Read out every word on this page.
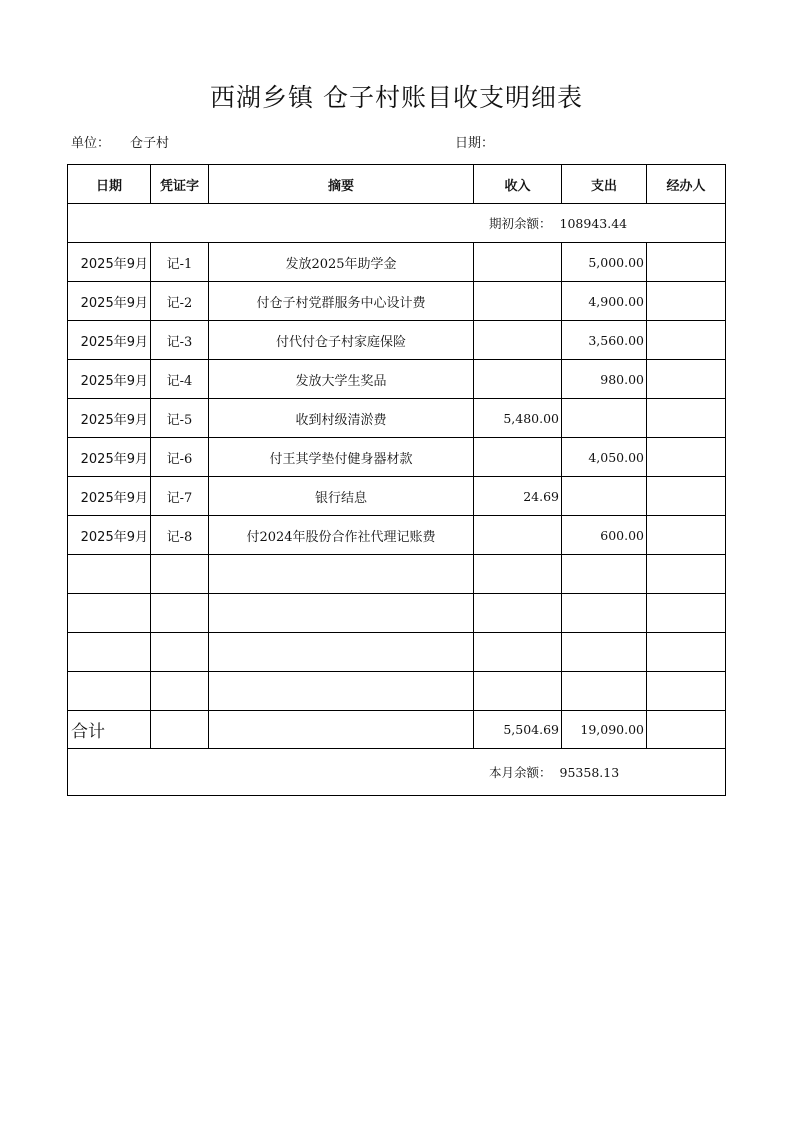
西湖乡镇 仓子村账目收支明细表
单位： 仓子村	日期：
日期	凭证字	摘要	收入	支出	经办人
期初余额： 108943.44					
2025年9月	记-1	发放2025年助学金		5,000.00	
2025年9月	记-2	付仓子村党群服务中心设计费		4,900.00	
2025年9月	记-3	付代付仓子村家庭保险		3,560.00	
2025年9月	记-4	发放大学生奖品		980.00	
2025年9月	记-5	收到村级清淤费	5,480.00		
2025年9月	记-6	付王其学垫付健身器材款		4,050.00	
2025年9月	记-7	银行结息	24.69		
2025年9月	记-8	付2024年股份合作社代理记账费		600.00	

合计			5,504.69	19,090.00	
本月余额： 95358.13					
